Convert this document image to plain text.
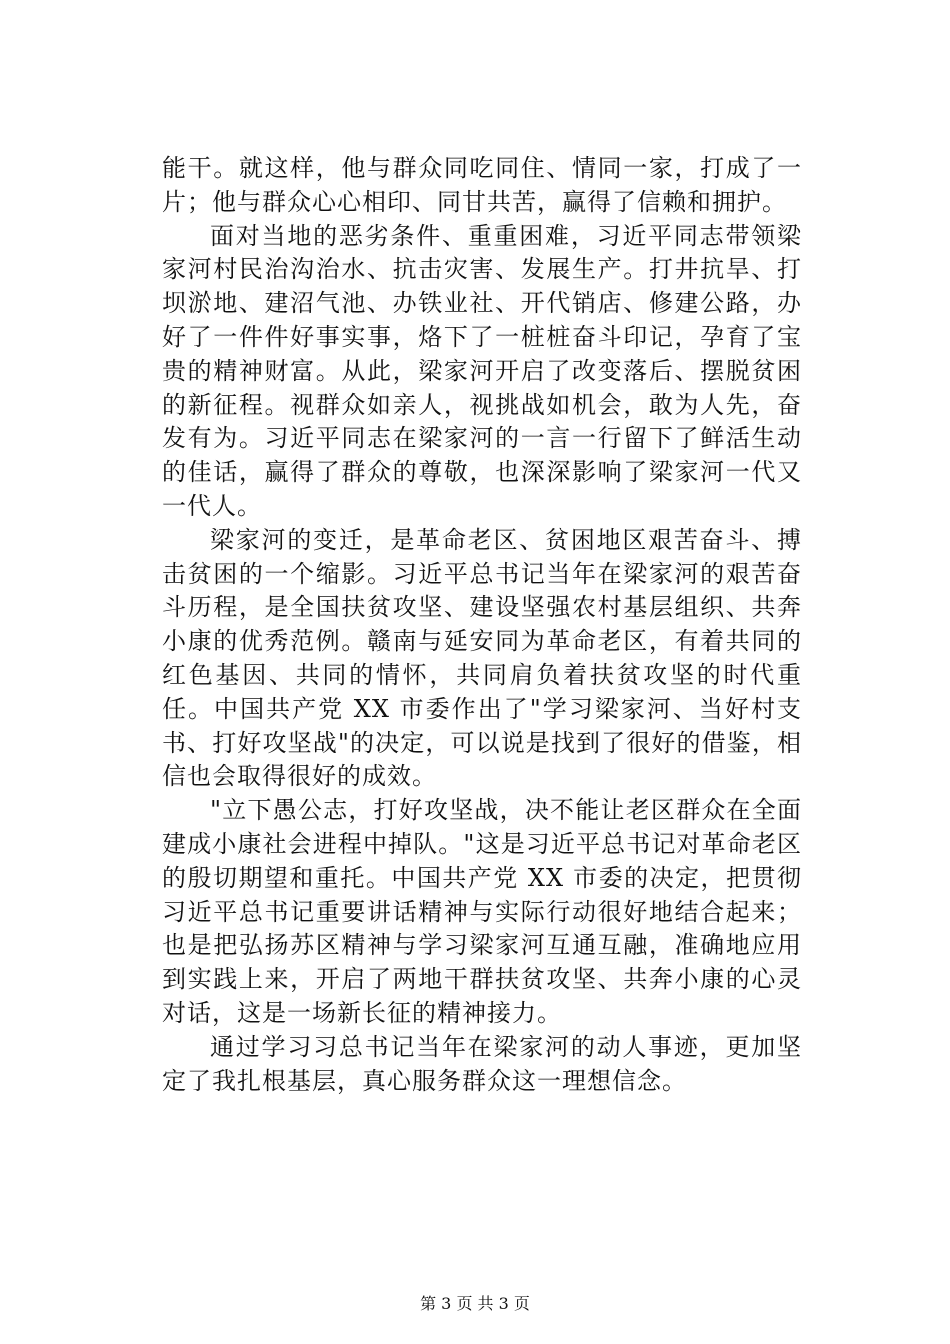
能干。就这样，他与群众同吃同住、情同一家，打成了一片；他与群众心心相印、同甘共苦，赢得了信赖和拥护。

面对当地的恶劣条件、重重困难，习近平同志带领梁家河村民治沟治水、抗击灾害、发展生产。打井抗旱、打坝淤地、建沼气池、办铁业社、开代销店、修建公路，办好了一件件好事实事，烙下了一桩桩奋斗印记，孕育了宝贵的精神财富。从此，梁家河开启了改变落后、摆脱贫困的新征程。视群众如亲人，视挑战如机会，敢为人先，奋发有为。习近平同志在梁家河的一言一行留下了鲜活生动的佳话，赢得了群众的尊敬，也深深影响了梁家河一代又一代人。

梁家河的变迁，是革命老区、贫困地区艰苦奋斗、搏击贫困的一个缩影。习近平总书记当年在梁家河的艰苦奋斗历程，是全国扶贫攻坚、建设坚强农村基层组织、共奔小康的优秀范例。赣南与延安同为革命老区，有着共同的红色基因、共同的情怀，共同肩负着扶贫攻坚的时代重任。中国共产党 XX 市委作出了"学习梁家河、当好村支书、打好攻坚战"的决定，可以说是找到了很好的借鉴，相信也会取得很好的成效。

"立下愚公志，打好攻坚战，决不能让老区群众在全面建成小康社会进程中掉队。"这是习近平总书记对革命老区的殷切期望和重托。中国共产党 XX 市委的决定，把贯彻习近平总书记重要讲话精神与实际行动很好地结合起来；也是把弘扬苏区精神与学习梁家河互通互融，准确地应用到实践上来，开启了两地干群扶贫攻坚、共奔小康的心灵对话，这是一场新长征的精神接力。

通过学习习总书记当年在梁家河的动人事迹，更加坚定了我扎根基层，真心服务群众这一理想信念。

第 3 页 共 3 页
